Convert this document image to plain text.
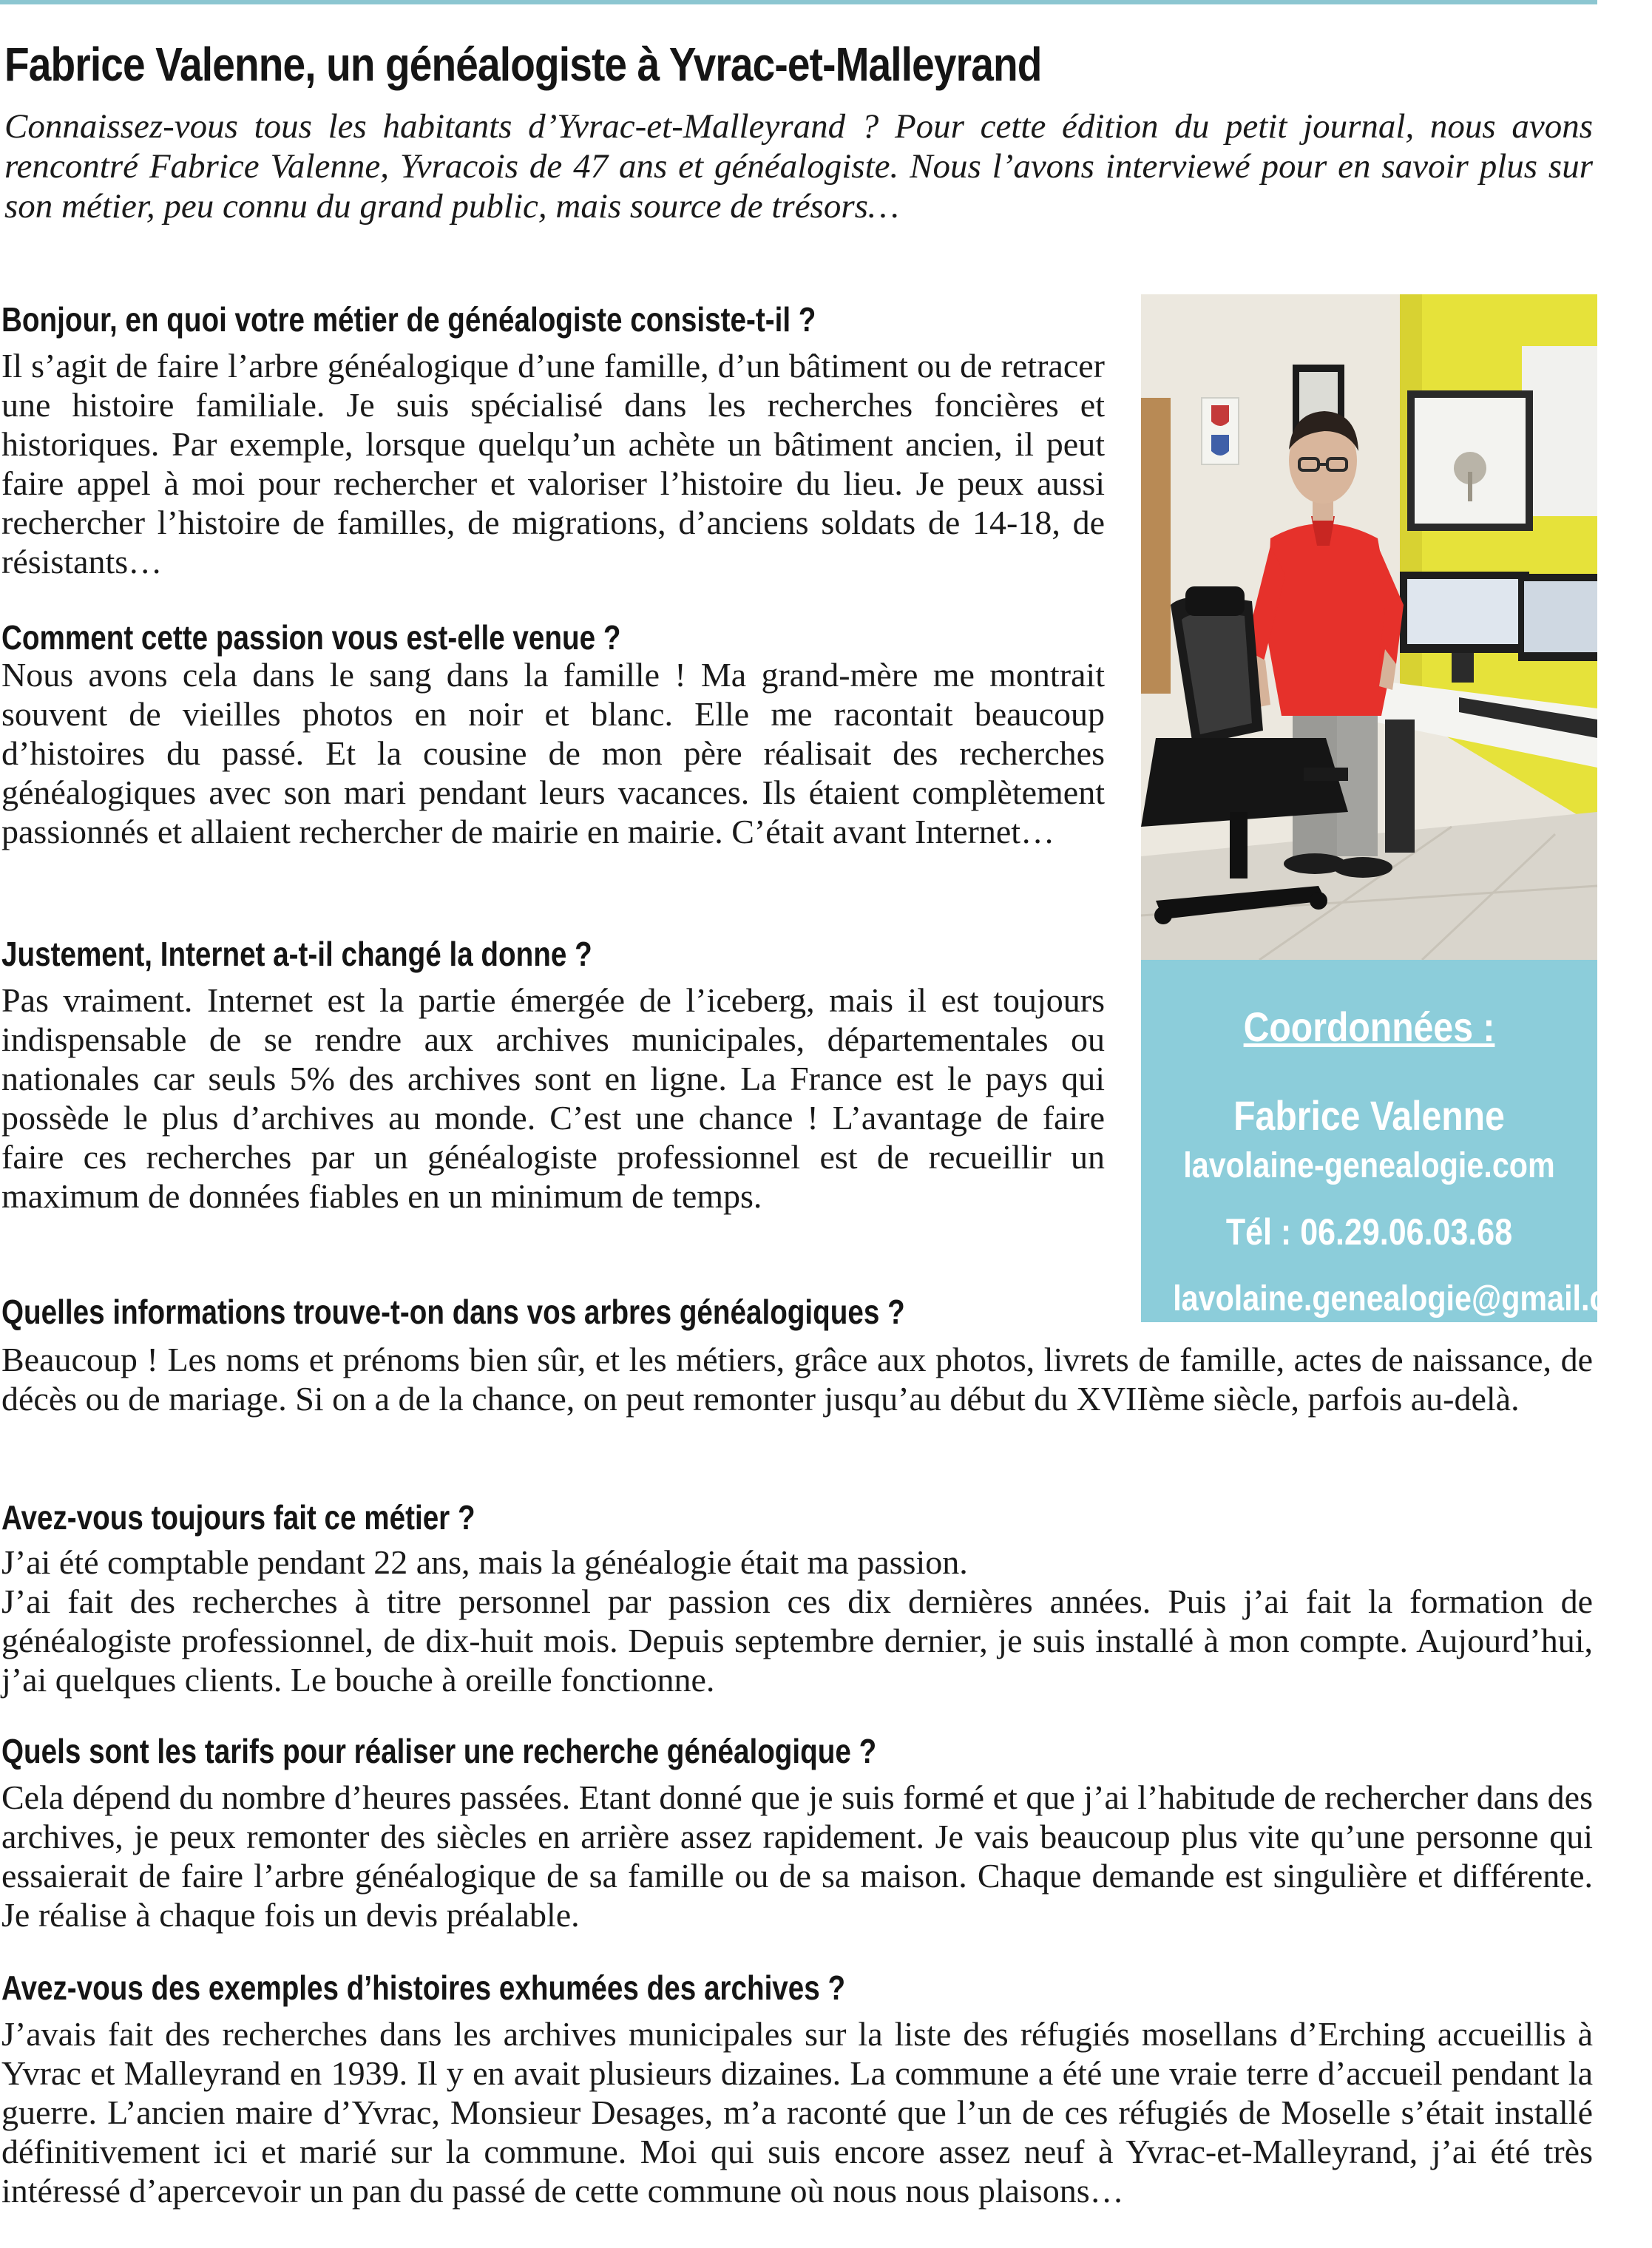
Fabrice Valenne, un généalogiste à Yvrac-et-Malleyrand

Connaissez-vous tous les habitants d’Yvrac-et-Malleyrand ? Pour cette édition du petit journal, nous avons rencontré Fabrice Valenne, Yvracois de 47 ans et généalogiste. Nous l’avons interviewé pour en savoir plus sur son métier, peu connu du grand public, mais source de trésors…

Bonjour, en quoi votre métier de généalogiste consiste-t-il ?

Il s’agit de faire l’arbre généalogique d’une famille, d’un bâtiment ou de retracer une histoire familiale. Je suis spécialisé dans les recherches foncières et historiques. Par exemple, lorsque quelqu’un achète un bâtiment ancien, il peut faire appel à moi pour rechercher et valoriser l’histoire du lieu. Je peux aussi rechercher l’histoire de familles, de migrations, d’anciens soldats de 14-18, de résistants…

Comment cette passion vous est-elle venue ?

Nous avons cela dans le sang dans la famille ! Ma grand-mère me montrait souvent de vieilles photos en noir et blanc. Elle me racontait beaucoup d’histoires du passé. Et la cousine de mon père réalisait des recherches généalogiques avec son mari pendant leurs vacances. Ils étaient complètement passionnés et allaient rechercher de mairie en mairie. C’était avant Internet…

Justement, Internet a-t-il changé la donne ?

Pas vraiment. Internet est la partie émergée de l’iceberg, mais il est toujours indispensable de se rendre aux archives municipales, départementales ou nationales car seuls 5% des archives sont en ligne. La France est le pays qui possède le plus d’archives au monde. C’est une chance ! L’avantage de faire faire ces recherches par un généalogiste professionnel est de recueillir un maximum de données fiables en un minimum de temps.

Quelles informations trouve-t-on dans vos arbres généalogiques ?

Beaucoup ! Les noms et prénoms bien sûr, et les métiers, grâce aux photos, livrets de famille, actes de naissance, de décès ou de mariage. Si on a de la chance, on peut remonter jusqu’au début du XVIIème siècle, parfois au-delà.

Avez-vous toujours fait ce métier ?

J’ai été comptable pendant 22 ans, mais la généalogie était ma passion.

J’ai fait des recherches à titre personnel par passion ces dix dernières années. Puis j’ai fait la formation de généalogiste professionnel, de dix-huit mois. Depuis septembre dernier, je suis installé à mon compte. Aujourd’hui, j’ai quelques clients. Le bouche à oreille fonctionne.

Quels sont les tarifs pour réaliser une recherche généalogique ?

Cela dépend du nombre d’heures passées. Etant donné que je suis formé et que j’ai l’habitude de rechercher dans des archives, je peux remonter des siècles en arrière assez rapidement. Je vais beaucoup plus vite qu’une personne qui essaierait de faire l’arbre généalogique de sa famille ou de sa maison. Chaque demande est singulière et différente. Je réalise à chaque fois un devis préalable.

Avez-vous des exemples d’histoires exhumées des archives ?

J’avais fait des recherches dans les archives municipales sur la liste des réfugiés mosellans d’Erching accueillis à Yvrac et Malleyrand en 1939. Il y en avait plusieurs dizaines. La commune a été une vraie terre d’accueil pendant la guerre. L’ancien maire d’Yvrac, Monsieur Desages, m’a raconté que l’un de ces réfugiés de Moselle s’était installé définitivement ici et marié sur la commune. Moi qui suis encore assez neuf à Yvrac-et-Malleyrand, j’ai été très intéressé d’apercevoir un pan du passé de cette commune où nous nous plaisons…

Coordonnées :
Fabrice Valenne
lavolaine-genealogie.com
Tél : 06.29.06.03.68
lavolaine.genealogie@gmail.com
